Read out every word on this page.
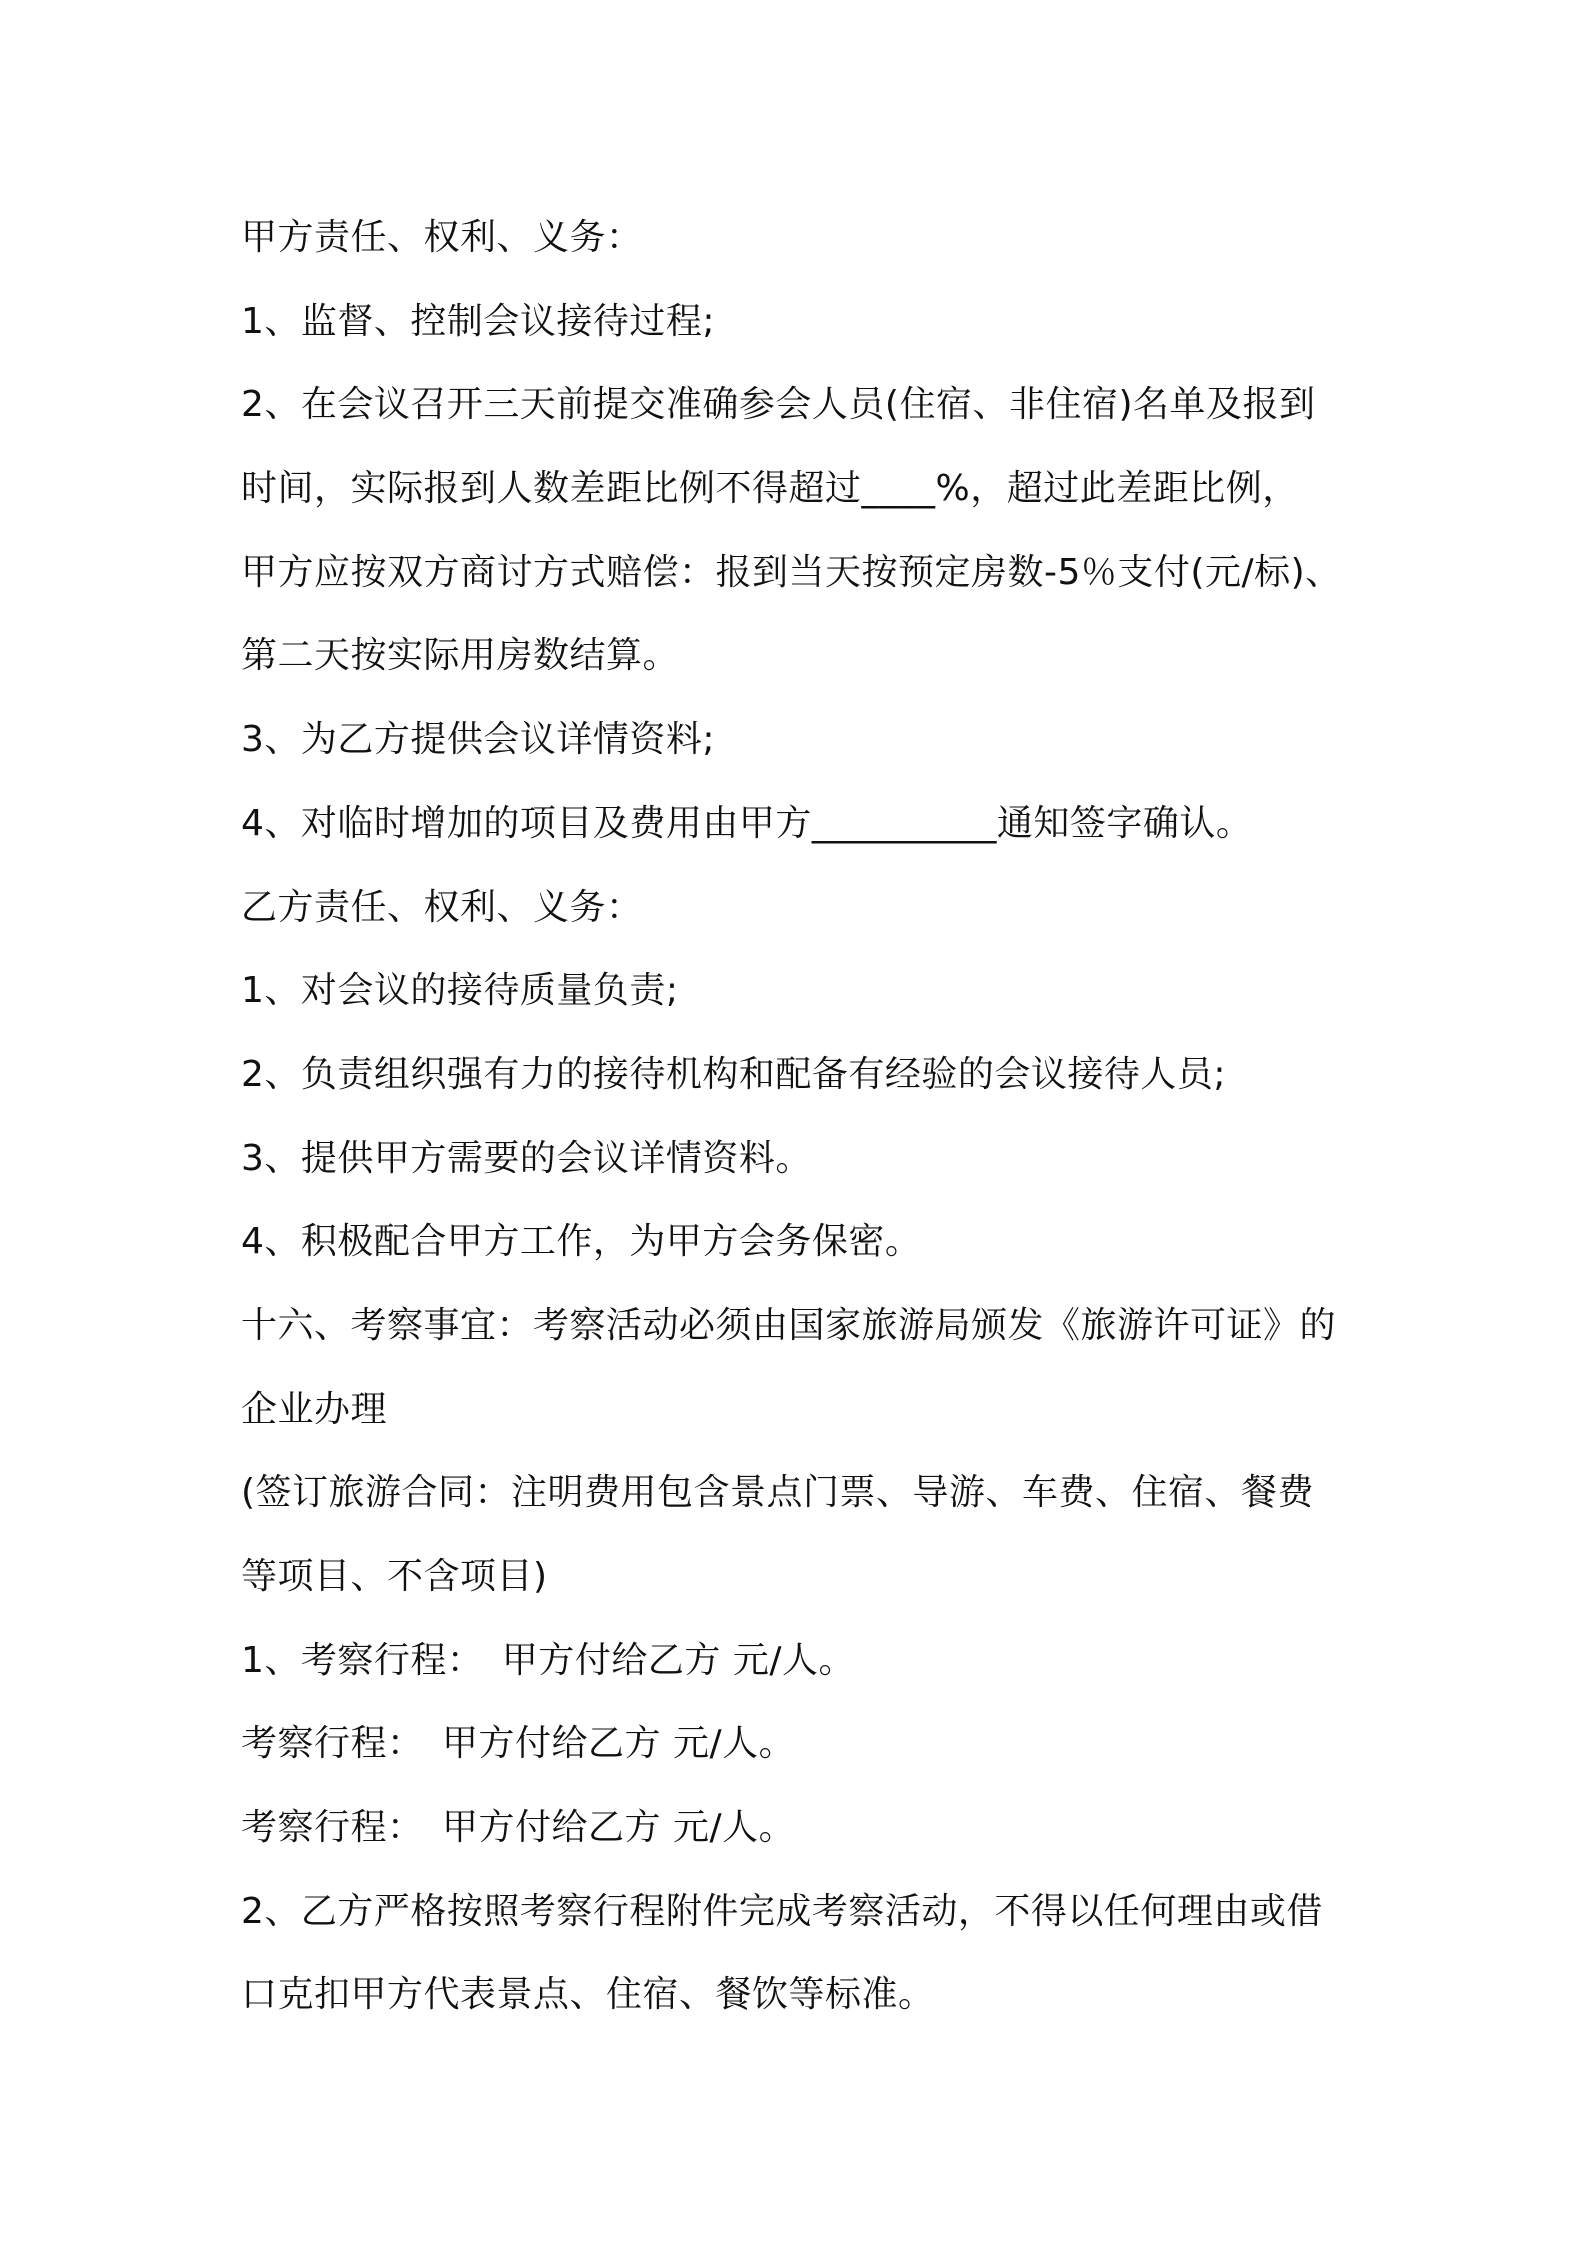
甲方责任、权利、义务：

1、监督、控制会议接待过程;

2、在会议召开三天前提交准确参会人员(住宿、非住宿)名单及报到

时间，实际报到人数差距比例不得超过____%，超过此差距比例，

甲方应按双方商讨方式赔偿：报到当天按预定房数-5％支付(元/标)、

第二天按实际用房数结算。

3、为乙方提供会议详情资料;

4、对临时增加的项目及费用由甲方__________通知签字确认。

乙方责任、权利、义务：

1、对会议的接待质量负责;

2、负责组织强有力的接待机构和配备有经验的会议接待人员;

3、提供甲方需要的会议详情资料。

4、积极配合甲方工作，为甲方会务保密。

十六、考察事宜：考察活动必须由国家旅游局颁发《旅游许可证》的

企业办理

(签订旅游合同：注明费用包含景点门票、导游、车费、住宿、餐费

等项目、不含项目)

1、考察行程：　甲方付给乙方 元/人。

考察行程：　甲方付给乙方 元/人。

考察行程：　甲方付给乙方 元/人。

2、乙方严格按照考察行程附件完成考察活动，不得以任何理由或借

口克扣甲方代表景点、住宿、餐饮等标准。
